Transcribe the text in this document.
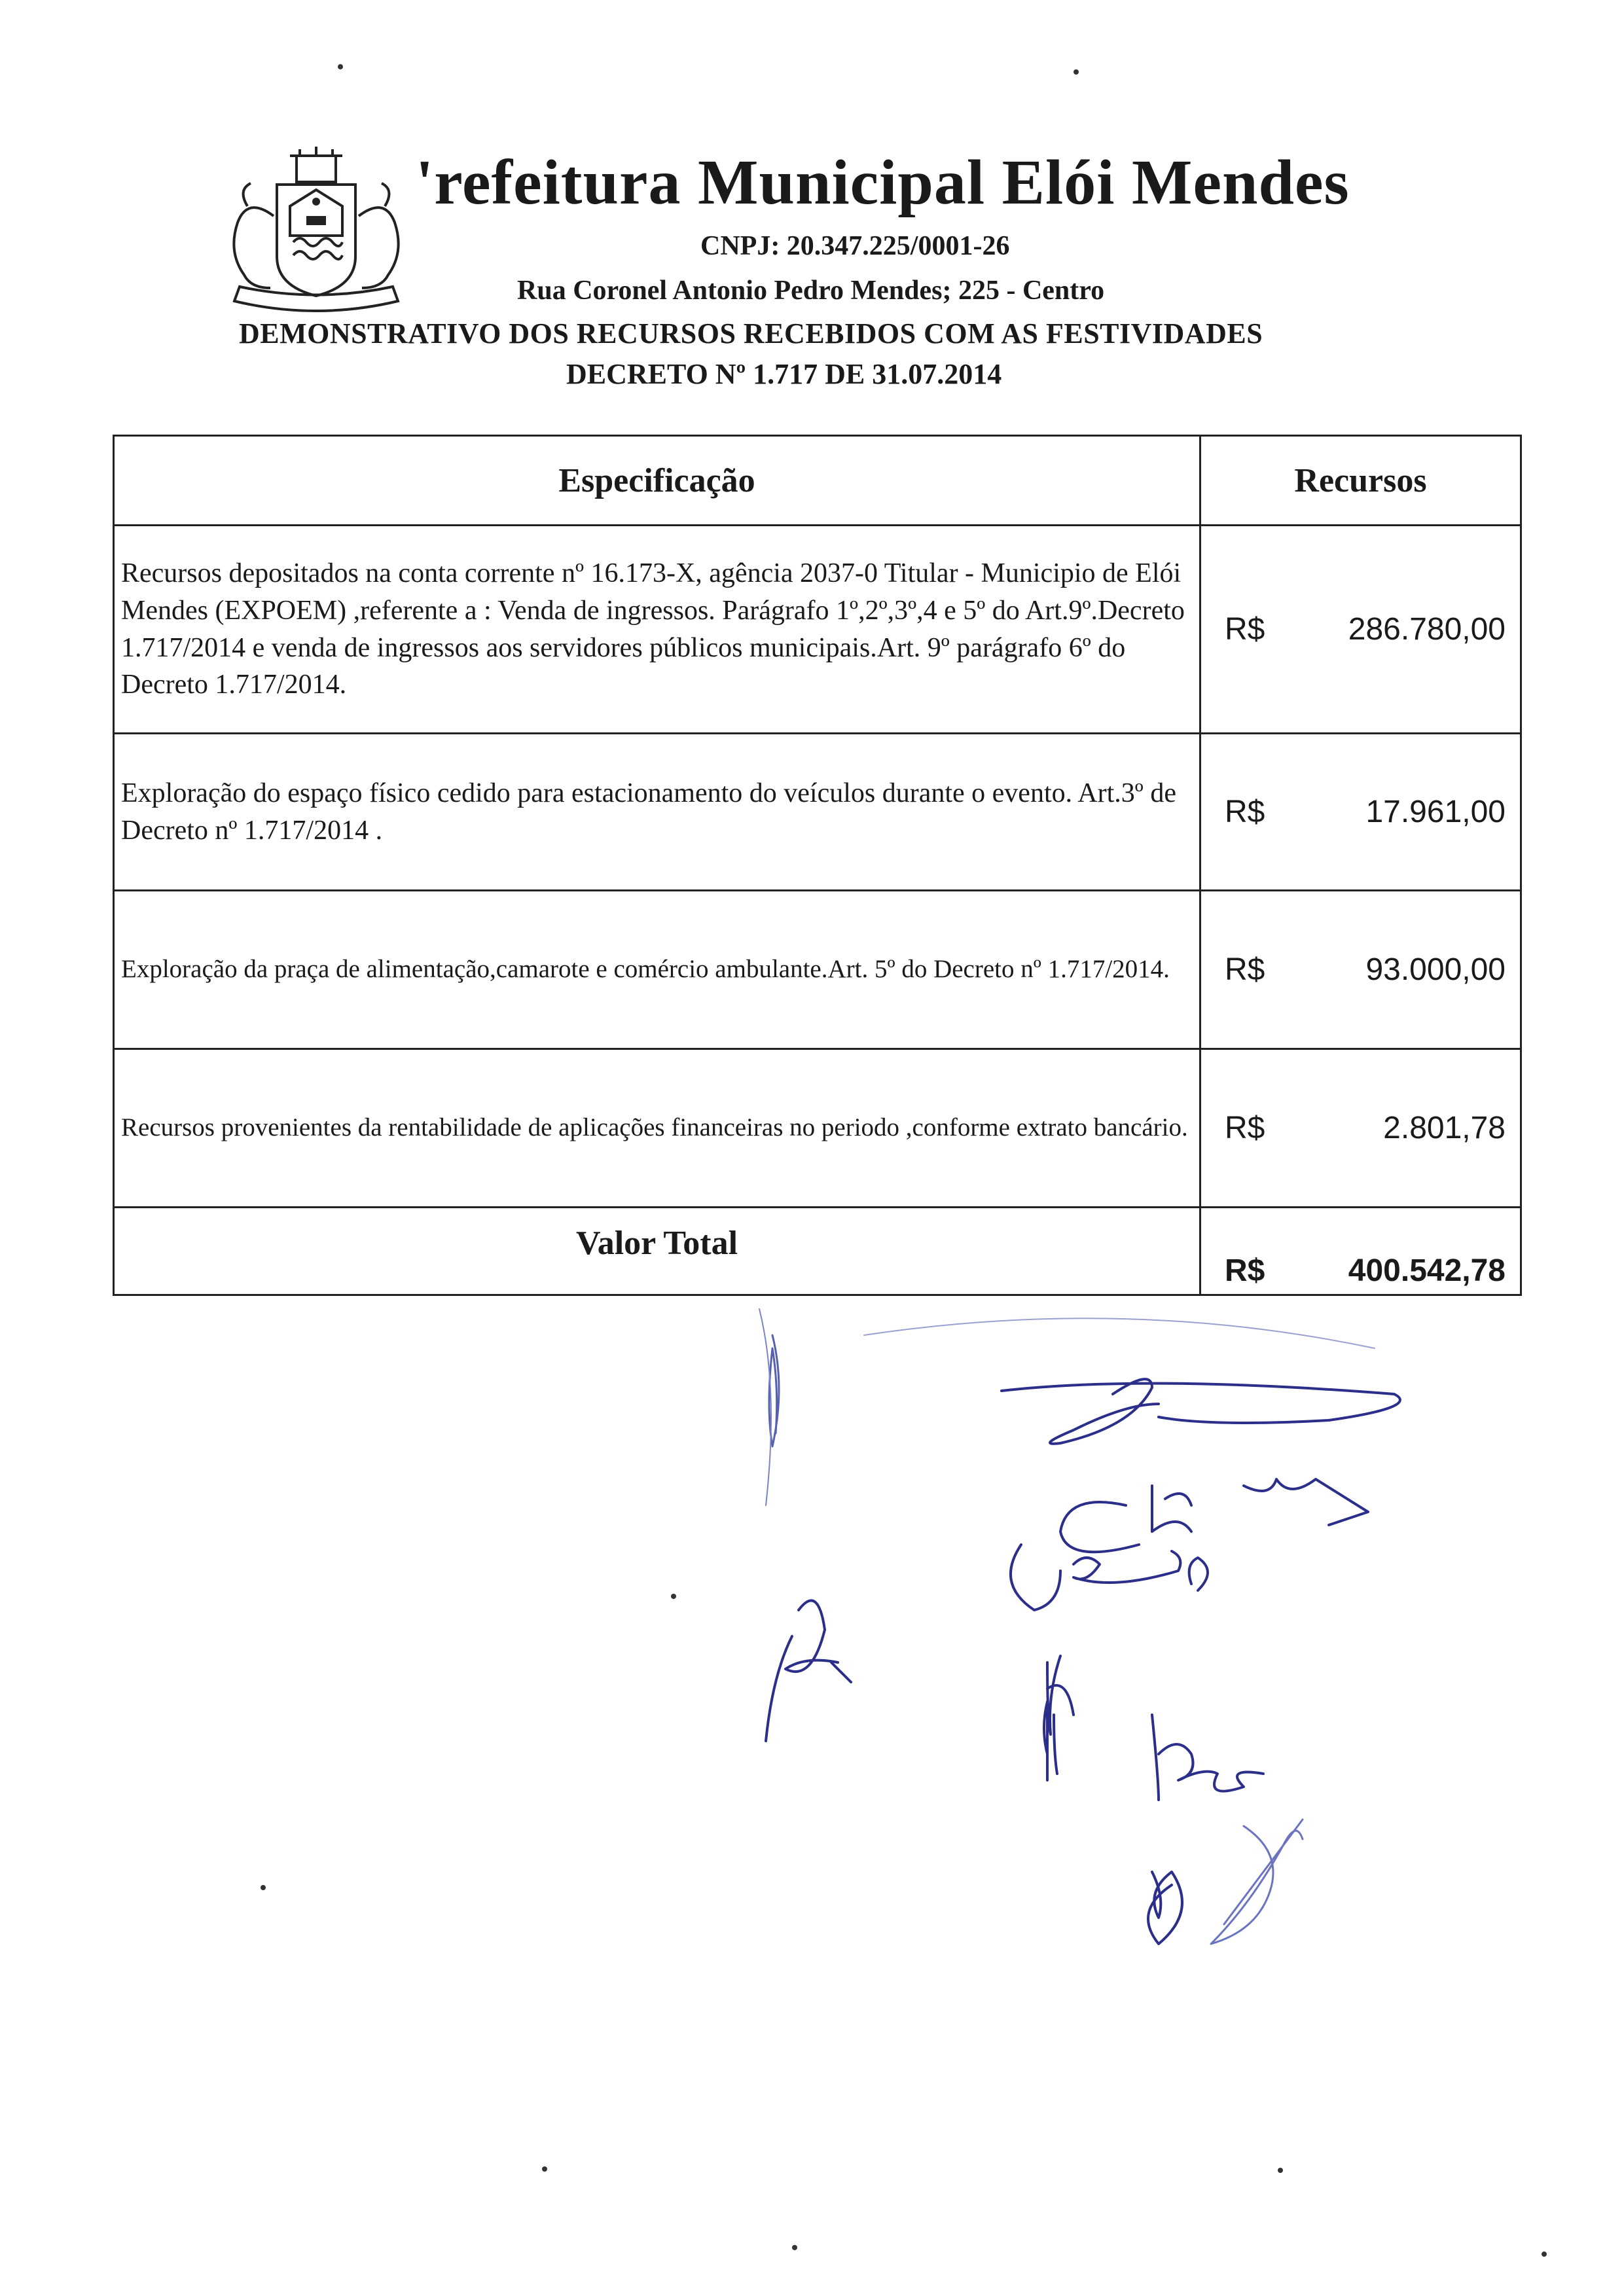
'refeitura Municipal Elói Mendes
CNPJ: 20.347.225/0001-26
Rua Coronel Antonio Pedro Mendes; 225 - Centro
DEMONSTRATIVO DOS RECURSOS RECEBIDOS COM AS FESTIVIDADES
DECRETO Nº 1.717 DE 31.07.2014
Especificação	Recursos
Recursos depositados na conta corrente nº 16.173-X, agência 2037-0 Titular - Municipio de Elói Mendes (EXPOEM) ,referente a : Venda de ingressos. Parágrafo 1º,2º,3º,4 e 5º do Art.9º.Decreto 1.717/2014 e venda de ingressos aos servidores públicos municipais.Art. 9º parágrafo 6º do Decreto 1.717/2014.	R$ 286.780,00

Exploração do espaço físico cedido para estacionamento do veículos durante o evento. Art.3º de Decreto nº 1.717/2014 .	R$ 17.961,00

Exploração da praça de alimentação,camarote e comércio ambulante.Art. 5º do Decreto nº 1.717/2014.	R$ 93.000,00

Recursos provenientes da rentabilidade de aplicações financeiras no periodo ,conforme extrato bancário.	R$ 2.801,78

Valor Total	R$ 400.542,78
